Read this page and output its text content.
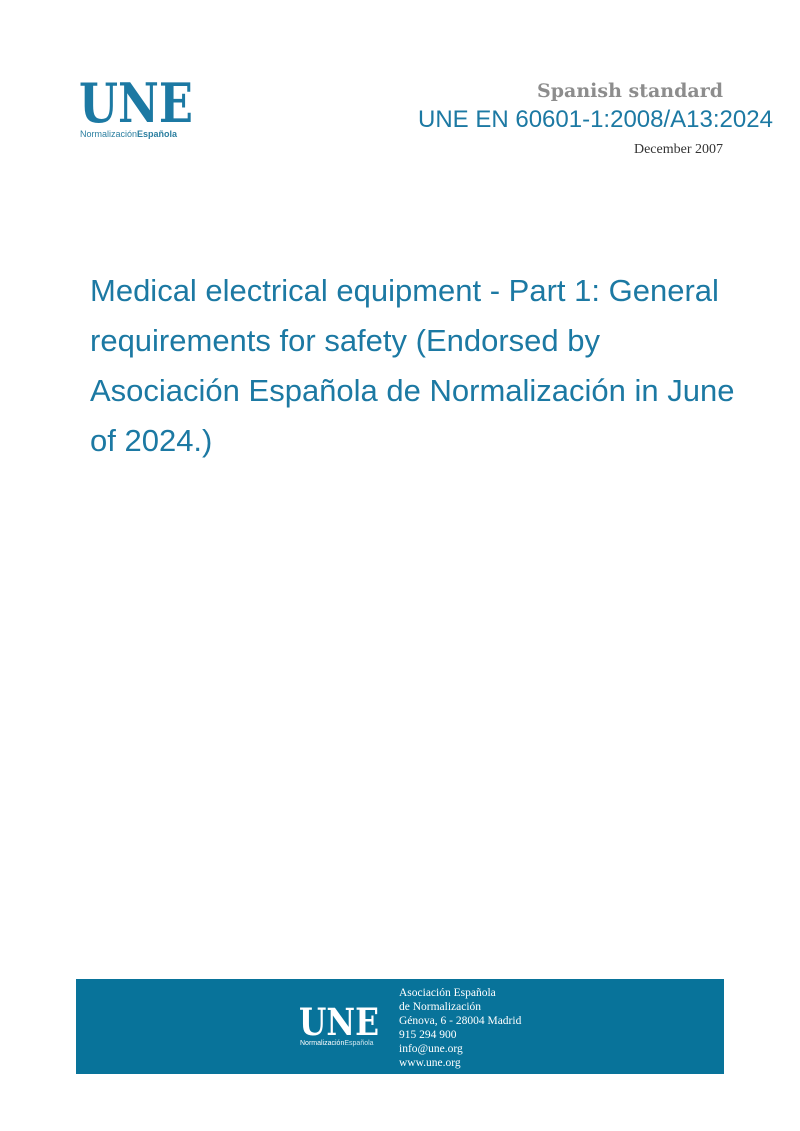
UNE
NormalizaciónEspañola

Spanish standard

UNE EN 60601-1:2008/A13:2024

December 2007

Medical electrical equipment - Part 1: General requirements for safety (Endorsed by Asociación Española de Normalización in June of 2024.)
UNE
NormalizaciónEspañola
Asociación Española
de Normalización
Génova, 6 - 28004 Madrid
915 294 900
info@une.org
www.une.org
